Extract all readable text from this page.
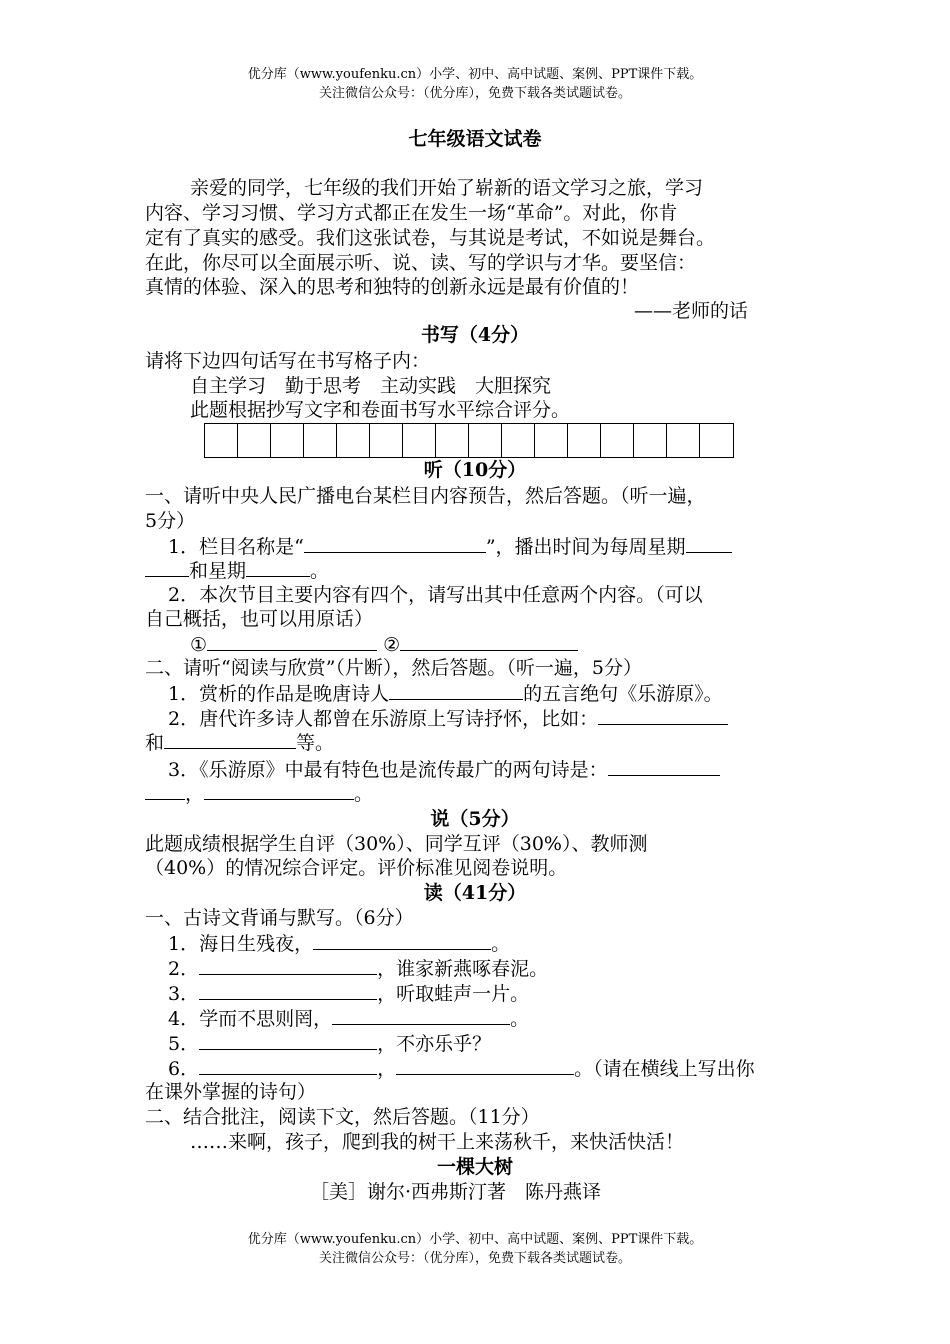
优分库（www.youfenku.cn）小学、初中、高中试题、案例、PPT课件下载。
关注微信公众号：（优分库），免费下载各类试题试卷。
七年级语文试卷
亲爱的同学，七年级的我们开始了崭新的语文学习之旅，学习
内容、学习习惯、学习方式都正在发生一场“革命”。对此，你肯
定有了真实的感受。我们这张试卷，与其说是考试，不如说是舞台。
在此，你尽可以全面展示听、说、读、写的学识与才华。要坚信：
真情的体验、深入的思考和独特的创新永远是最有价值的！
——老师的话
书写（4分）
请将下边四句话写在书写格子内：
自主学习　勤于思考　主动实践　大胆探究
此题根据抄写文字和卷面书写水平综合评分。
听（10分）
一、请听中央人民广播电台某栏目内容预告，然后答题。（听一遍，
5分）
1．栏目名称是“	”，播出时间为每周星期
和星期	。
2．本次节目主要内容有四个，请写出其中任意两个内容。（可以
自己概括，也可以用原话）
①	②
二、请听“阅读与欣赏”（片断），然后答题。（听一遍，5分）
1．赏析的作品是晚唐诗人	的五言绝句《乐游原》。
2．唐代许多诗人都曾在乐游原上写诗抒怀，比如：
和	等。
3．《乐游原》中最有特色也是流传最广的两句诗是：
，	。
说（5分）
此题成绩根据学生自评（30%）、同学互评（30%）、教师测
（40%）的情况综合评定。评价标准见阅卷说明。
读（41分）
一、古诗文背诵与默写。（6分）
1．海日生残夜，	。
2．	，谁家新燕啄春泥。
3．	，听取蛙声一片。
4．学而不思则罔，	。
5．	，不亦乐乎？
6．	，	。（请在横线上写出你
在课外掌握的诗句）
二、结合批注，阅读下文，然后答题。（11分）
……来啊，孩子，爬到我的树干上来荡秋千，来快活快活！
一棵大树
［美］谢尔·西弗斯汀著　陈丹燕译
优分库（www.youfenku.cn）小学、初中、高中试题、案例、PPT课件下载。
关注微信公众号：（优分库），免费下载各类试题试卷。
